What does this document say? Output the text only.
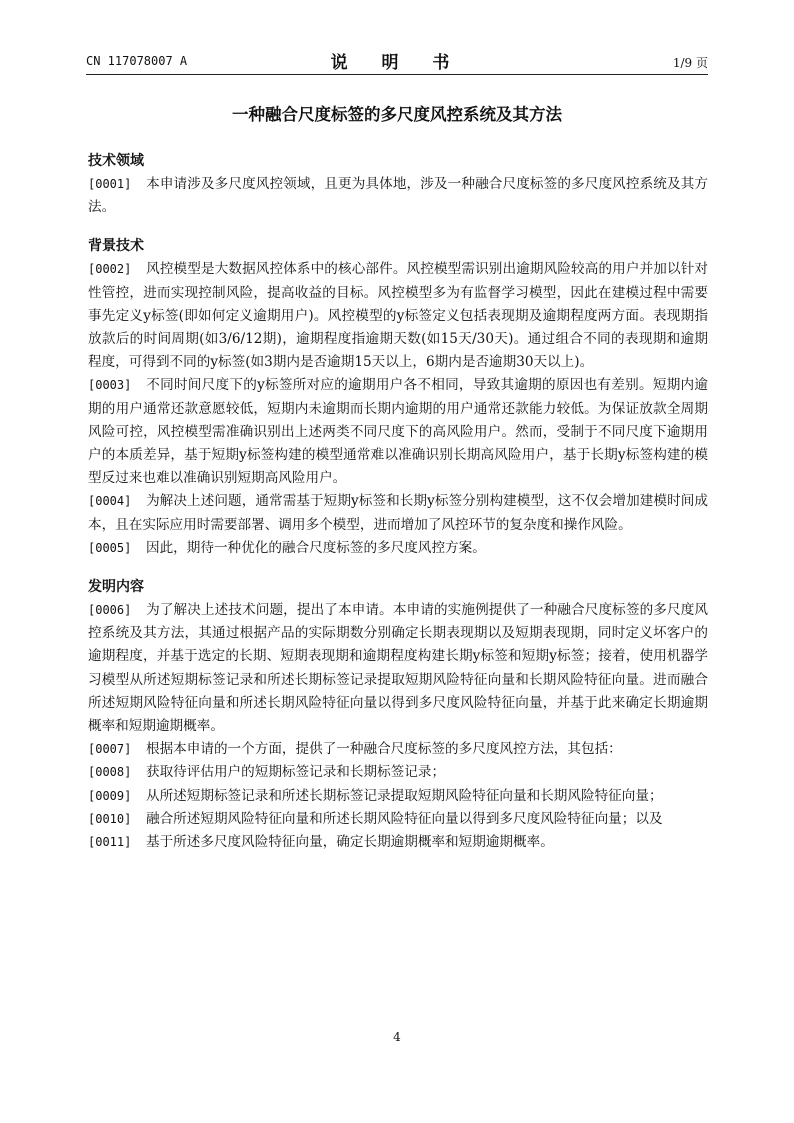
CN 117078007 A	说 明 书	1/9 页
一种融合尺度标签的多尺度风控系统及其方法
技术领域
[0001] 本申请涉及多尺度风控领域，且更为具体地，涉及一种融合尺度标签的多尺度风控系统及其方法。
背景技术
[0002] 风控模型是大数据风控体系中的核心部件。风控模型需识别出逾期风险较高的用户并加以针对性管控，进而实现控制风险，提高收益的目标。风控模型多为有监督学习模型，因此在建模过程中需要事先定义y标签(即如何定义逾期用户)。风控模型的y标签定义包括表现期及逾期程度两方面。表现期指放款后的时间周期(如3/6/12期)，逾期程度指逾期天数(如15天/30天)。通过组合不同的表现期和逾期程度，可得到不同的y标签(如3期内是否逾期15天以上，6期内是否逾期30天以上)。
[0003] 不同时间尺度下的y标签所对应的逾期用户各不相同，导致其逾期的原因也有差别。短期内逾期的用户通常还款意愿较低，短期内未逾期而长期内逾期的用户通常还款能力较低。为保证放款全周期风险可控，风控模型需准确识别出上述两类不同尺度下的高风险用户。然而，受制于不同尺度下逾期用户的本质差异，基于短期y标签构建的模型通常难以准确识别长期高风险用户，基于长期y标签构建的模型反过来也难以准确识别短期高风险用户。
[0004] 为解决上述问题，通常需基于短期y标签和长期y标签分别构建模型，这不仅会增加建模时间成本，且在实际应用时需要部署、调用多个模型，进而增加了风控环节的复杂度和操作风险。
[0005] 因此，期待一种优化的融合尺度标签的多尺度风控方案。
发明内容
[0006] 为了解决上述技术问题，提出了本申请。本申请的实施例提供了一种融合尺度标签的多尺度风控系统及其方法，其通过根据产品的实际期数分别确定长期表现期以及短期表现期，同时定义坏客户的逾期程度，并基于选定的长期、短期表现期和逾期程度构建长期y标签和短期y标签；接着，使用机器学习模型从所述短期标签记录和所述长期标签记录提取短期风险特征向量和长期风险特征向量。进而融合所述短期风险特征向量和所述长期风险特征向量以得到多尺度风险特征向量，并基于此来确定长期逾期概率和短期逾期概率。
[0007] 根据本申请的一个方面，提供了一种融合尺度标签的多尺度风控方法，其包括：
[0008] 获取待评估用户的短期标签记录和长期标签记录；
[0009] 从所述短期标签记录和所述长期标签记录提取短期风险特征向量和长期风险特征向量；
[0010] 融合所述短期风险特征向量和所述长期风险特征向量以得到多尺度风险特征向量；以及
[0011] 基于所述多尺度风险特征向量，确定长期逾期概率和短期逾期概率。
4
